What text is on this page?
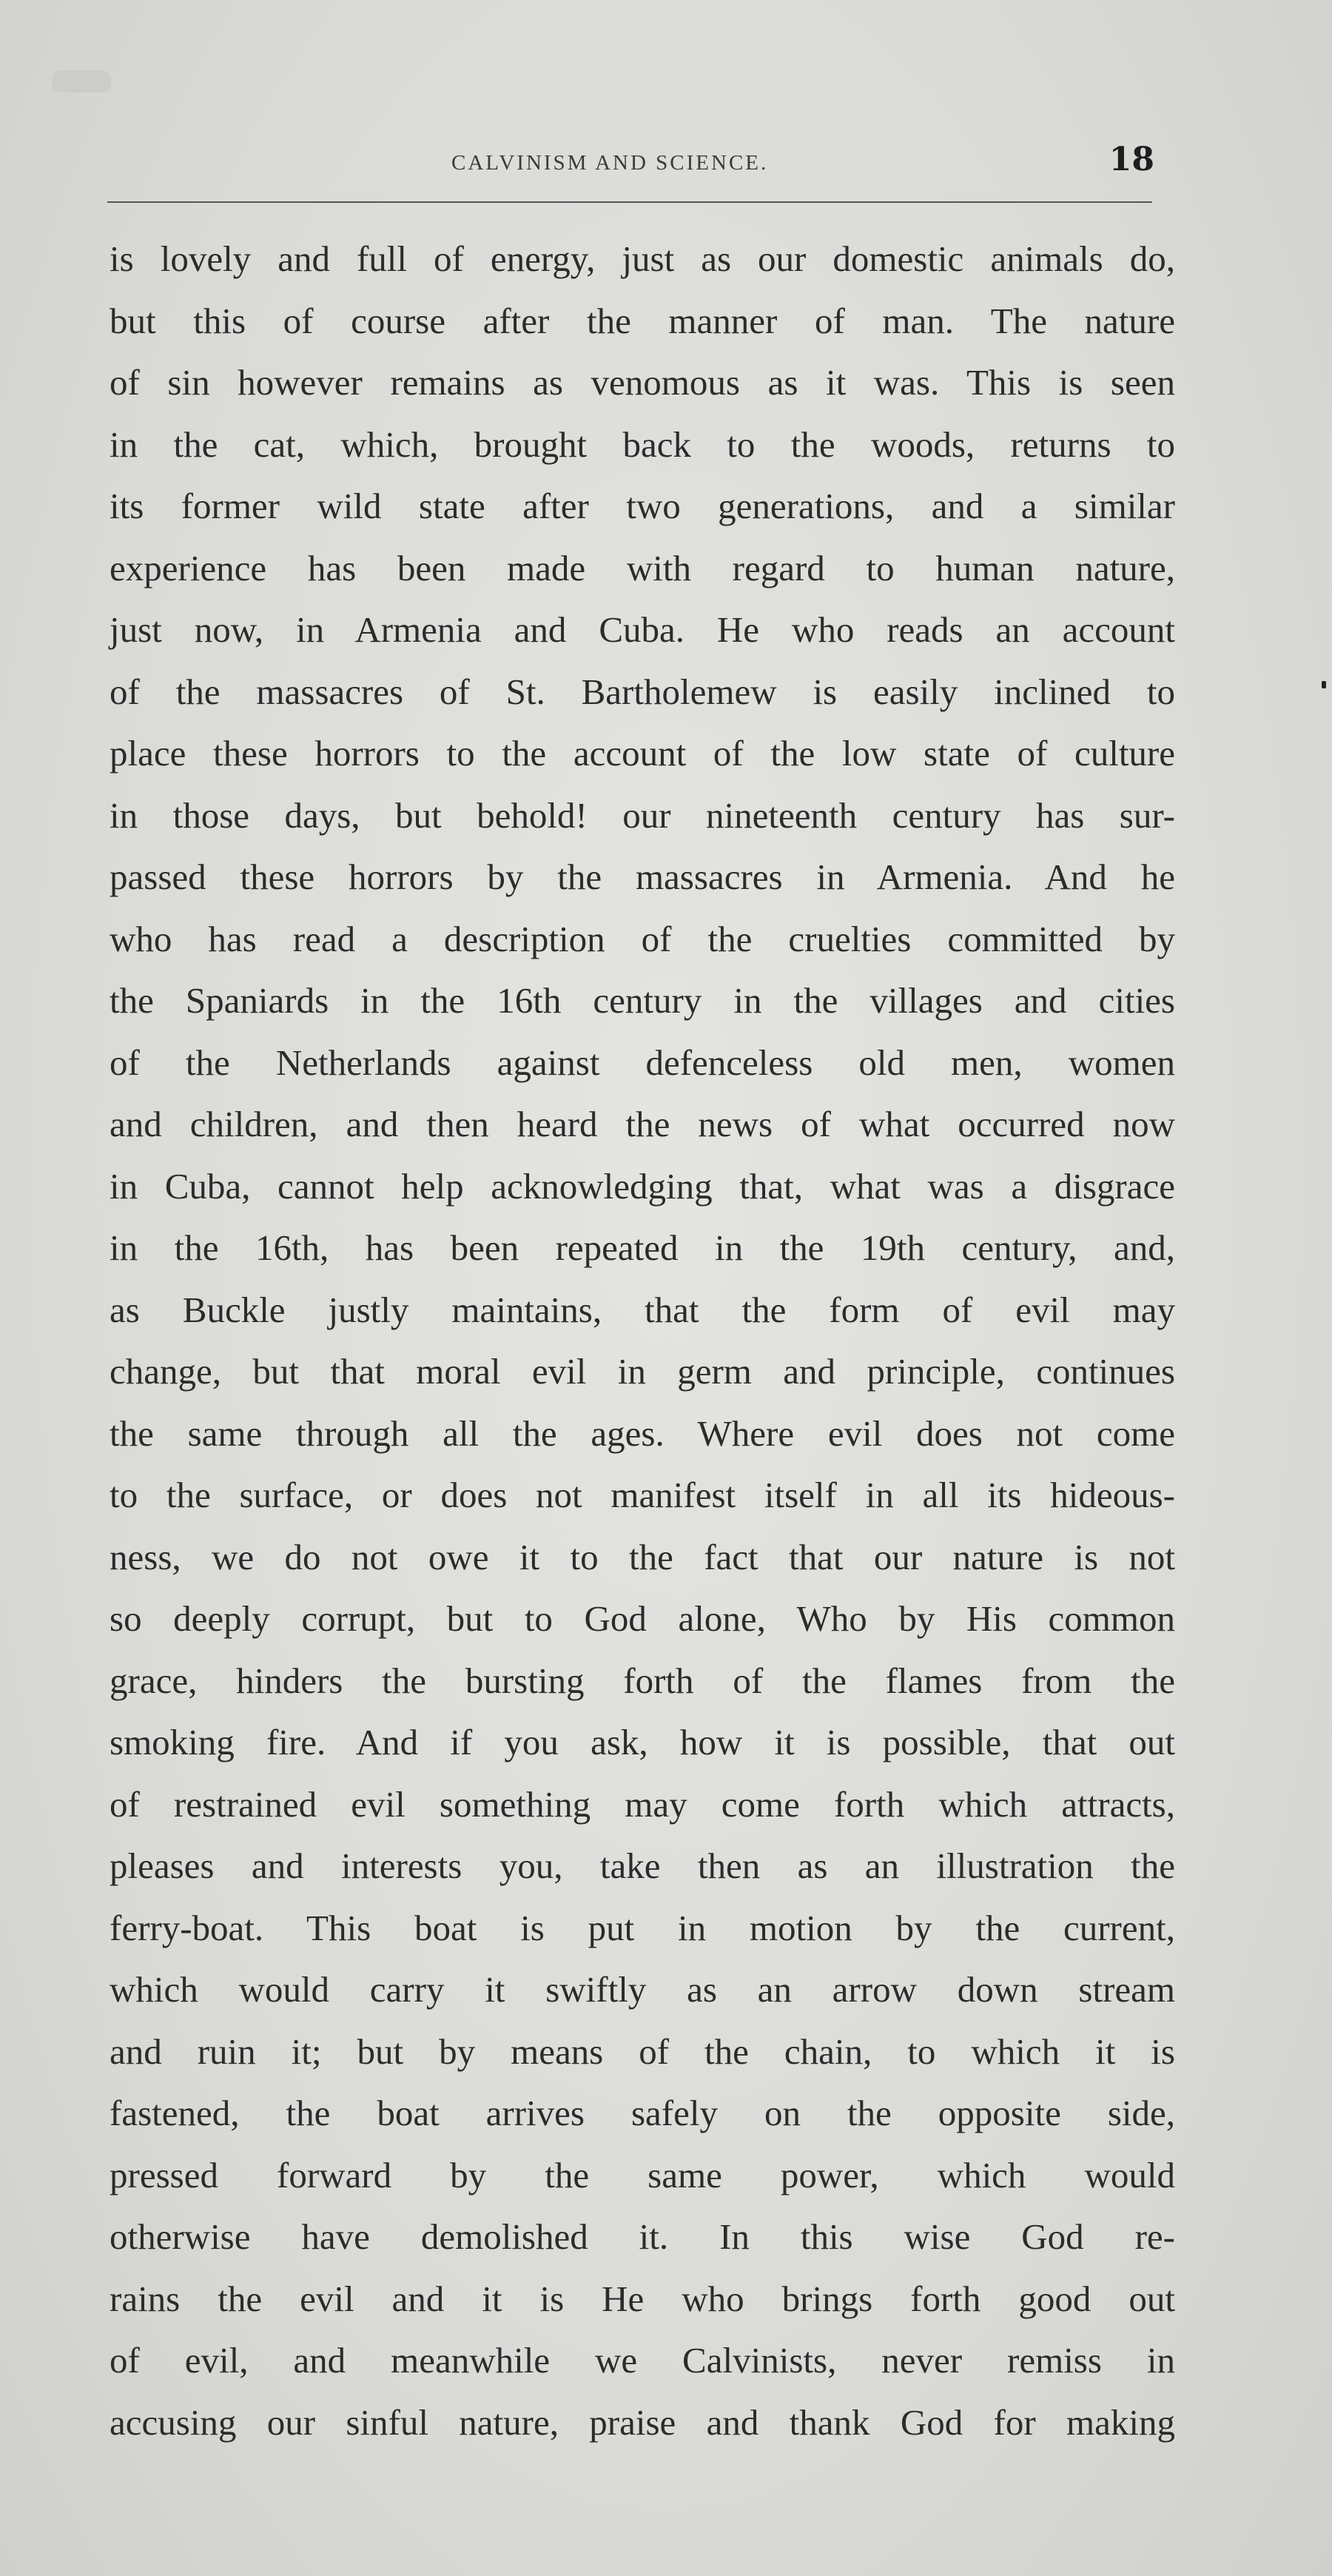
CALVINISM AND SCIENCE.	18
is lovely and full of energy, just as our domestic animals do,
but this of course after the manner of man. The nature
of sin however remains as venomous as it was. This is seen
in the cat, which, brought back to the woods, returns to
its former wild state after two generations, and a similar
experience has been made with regard to human nature,
just now, in Armenia and Cuba. He who reads an account
of the massacres of St. Bartholemew is easily inclined to
place these horrors to the account of the low state of culture
in those days, but behold! our nineteenth century has sur-
passed these horrors by the massacres in Armenia. And he
who has read a description of the cruelties committed by
the Spaniards in the 16th century in the villages and cities
of the Netherlands against defenceless old men, women
and children, and then heard the news of what occurred now
in Cuba, cannot help acknowledging that, what was a disgrace
in the 16th, has been repeated in the 19th century, and,
as Buckle justly maintains, that the form of evil may
change, but that moral evil in germ and principle, continues
the same through all the ages. Where evil does not come
to the surface, or does not manifest itself in all its hideous-
ness, we do not owe it to the fact that our nature is not
so deeply corrupt, but to God alone, Who by His common
grace, hinders the bursting forth of the flames from the
smoking fire. And if you ask, how it is possible, that out
of restrained evil something may come forth which attracts,
pleases and interests you, take then as an illustration the
ferry-boat. This boat is put in motion by the current,
which would carry it swiftly as an arrow down stream
and ruin it; but by means of the chain, to which it is
fastened, the boat arrives safely on the opposite side,
pressed forward by the same power, which would
otherwise have demolished it. In this wise God re-
rains the evil and it is He who brings forth good out
of evil, and meanwhile we Calvinists, never remiss in
accusing our sinful nature, praise and thank God for making
